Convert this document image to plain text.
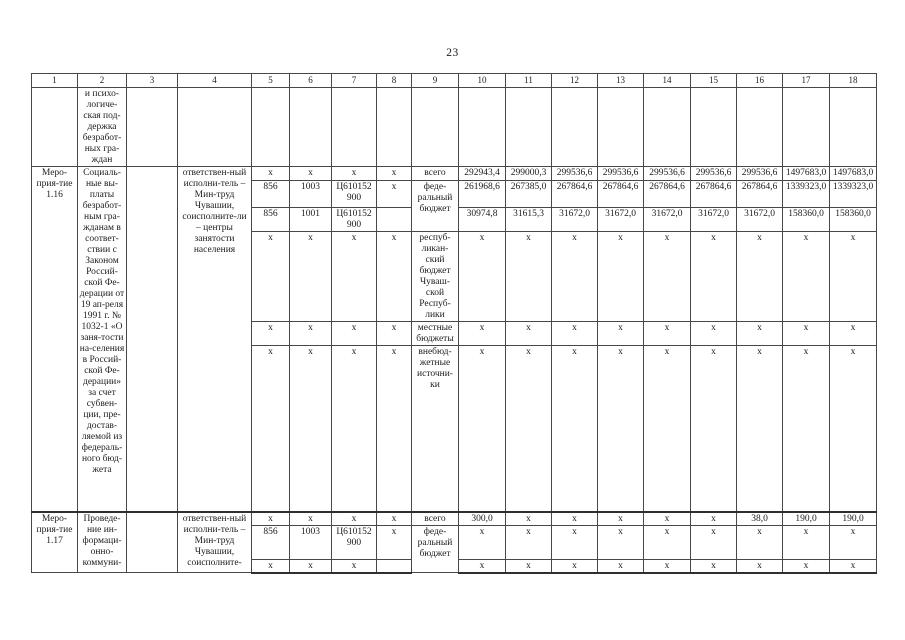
23
1	2	3	4	5	6	7	8	9	10	11	12	13	14	15	16	17	18
	и психо-логиче-ская под-держка безработ-ных гра-ждан																
Меро-прия-тие 1.16	Социаль-ные вы-платы безработ-ным гра-жданам в соответ-ствии с Законом Россий-ской Фе-дерации от 19 ап-реля 1991 г. № 1032-1 «О заня-тости на-селения в Россий-ской Фе-дерации» за счет субвен-ции, пре-достав-ляемой из федераль-ного бюд-жета		ответствен-ный исполни-тель – Мин-труд Чувашии, соисполните-ли – центры занятости населения	х	х	х	х	всего	292943,4	299000,3	299536,6	299536,6	299536,6	299536,6	299536,6	1497683,0	1497683,0
				856	1003	Ц610152 900	х	феде-ральный бюджет	261968,6	267385,0	267864,6	267864,6	267864,6	267864,6	267864,6	1339323,0	1339323,0
				856	1001	Ц610152 900			30974,8	31615,3	31672,0	31672,0	31672,0	31672,0	31672,0	158360,0	158360,0
				х	х	х	х	респуб-ликан-ский бюджет Чуваш-ской Респуб-лики	х	х	х	х	х	х	х	х	х
				х	х	х	х	местные бюджеты	х	х	х	х	х	х	х	х	х
				х	х	х	х	внебюд-жетные источни-ки	х	х	х	х	х	х	х	х	х
Меро-прия-тие 1.17	Проведе-ние ин-формаци-онно-коммуни-		ответствен-ный исполни-тель – Мин-труд Чувашии, соисполните-	х	х	х	х	всего	300,0	х	х	х	х	х	38,0	190,0	190,0
				856	1003	Ц610152 900	х	феде-ральный бюджет	х	х	х	х	х	х	х	х	х
				х	х	х			х	х	х	х	х	х	х	х	х
